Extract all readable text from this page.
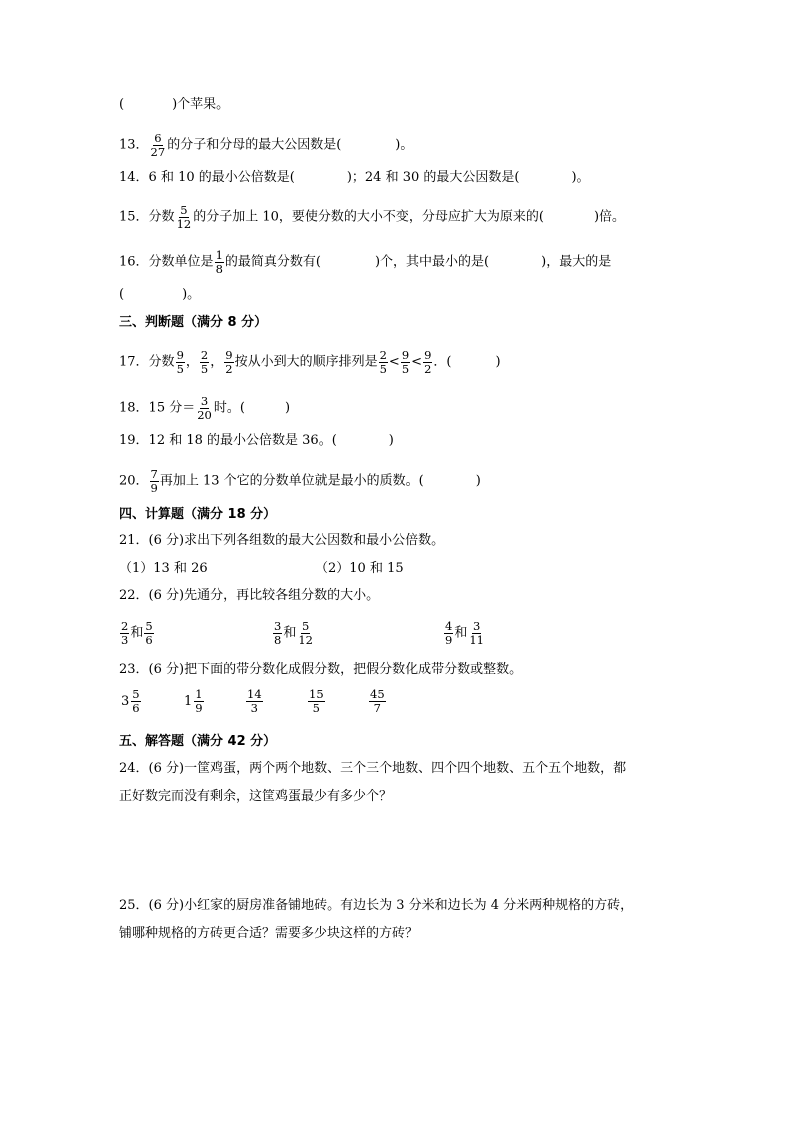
(	)个苹果。
13． $\frac{6}{27}$ 的分子和分母的最大公因数是(	)。
14．6 和 10 的最小公倍数是(	)；24 和 30 的最大公因数是(	)。
15．分数 $\frac{5}{12}$ 的分子加上 10，要使分数的大小不变，分母应扩大为原来的(	)倍。
16．分数单位是 $\frac{1}{8}$ 的最简真分数有(	)个，其中最小的是(	)，最大的是
(	)。
三、判断题（满分 8 分）
17．分数 $\frac{9}{5}$ ， $\frac{2}{5}$ ， $\frac{9}{2}$ 按从小到大的顺序排列是 $\frac{2}{5} < \frac{9}{5} < \frac{9}{2}$ ．(	)
18．15 分＝ $\frac{3}{20}$ 时。(	)
19．12 和 18 的最小公倍数是 36。(	)
20． $\frac{7}{9}$ 再加上 13 个它的分数单位就是最小的质数。(	)
四、计算题（满分 18 分）
21．(6 分)求出下列各组数的最大公因数和最小公倍数。
（1）13 和 26	（2）10 和 15
22．(6 分)先通分，再比较各组分数的大小。
$\frac{2}{3}$ 和 $\frac{5}{6}$	$\frac{3}{8}$ 和 $\frac{5}{12}$	$\frac{4}{9}$ 和 $\frac{3}{11}$
23．(6 分)把下面的带分数化成假分数，把假分数化成带分数或整数。
3 5
6	1 1
9
14
3
15
5
45
7
五、解答题（满分 42 分）
24．(6 分)一筐鸡蛋，两个两个地数、三个三个地数、四个四个地数、五个五个地数，都
正好数完而没有剩余，这筐鸡蛋最少有多少个？
25．(6 分)小红家的厨房准备铺地砖。有边长为 3 分米和边长为 4 分米两种规格的方砖，
铺哪种规格的方砖更合适？需要多少块这样的方砖？
